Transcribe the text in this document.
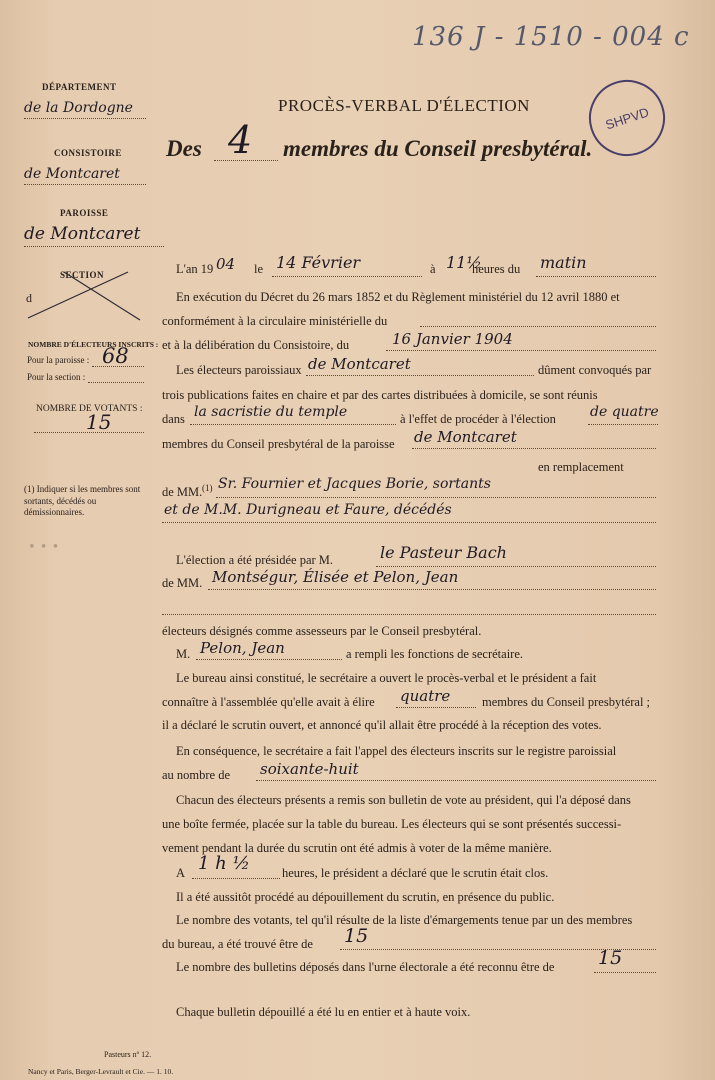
136 J - 1510 - 004 c
SHPVD
PROCÈS-VERBAL D'ÉLECTION
Des 4 membres du Conseil presbytéral.
DÉPARTEMENT
de la Dordogne
CONSISTOIRE
de Montcaret
PAROISSE
de Montcaret
SECTION
d
NOMBRE D'ÉLECTEURS INSCRITS :
Pour la paroisse : 68
Pour la section :
NOMBRE DE VOTANTS :
15
(1) Indiquer si les membres sont sortants, décédés ou démissionnaires.
• • •
L'an 19 04 le 14 Février	à 11½
heures du matin
En exécution du Décret du 26 mars 1852 et du Règlement ministériel du 12 avril 1880 et
conformément à la circulaire ministérielle du
et à la délibération du Consistoire, du	16 Janvier 1904
Les électeurs paroissiaux de Montcaret	dûment convoqués par
trois publications faites en chaire et par des cartes distribuées à domicile, se sont réunis
dans la sacristie du temple	à l'effet de procéder à l'élection de quatre
membres du Conseil presbytéral de la paroisse de Montcaret
en remplacement
de MM. (1) Sr. Fournier et Jacques Borie, sortants
et de M.M. Durigneau et Faure, décédés
L'élection a été présidée par M.	le Pasteur Bach
de MM. Montségur, Élisée et Pelon, Jean
électeurs désignés comme assesseurs par le Conseil presbytéral.
M. Pelon, Jean	a rempli les fonctions de secrétaire.
Le bureau ainsi constitué, le secrétaire a ouvert le procès-verbal et le président a fait
connaître à l'assemblée qu'elle avait à élire quatre	membres du Conseil presbytéral ;
il a déclaré le scrutin ouvert, et annoncé qu'il allait être procédé à la réception des votes.
En conséquence, le secrétaire a fait l'appel des électeurs inscrits sur le registre paroissial
au nombre de soixante-huit
Chacun des électeurs présents a remis son bulletin de vote au président, qui l'a déposé dans
une boîte fermée, placée sur la table du bureau. Les électeurs qui se sont présentés successi-
vement pendant la durée du scrutin ont été admis à voter de la même manière.
A 1 h ½	heures, le président a déclaré que le scrutin était clos.
Il a été aussitôt procédé au dépouillement du scrutin, en présence du public.
Le nombre des votants, tel qu'il résulte de la liste d'émargements tenue par un des membres
du bureau, a été trouvé être de 15
Le nombre des bulletins déposés dans l'urne électorale a été reconnu être de 15
Chaque bulletin dépouillé a été lu en entier et à haute voix.
Pasteurs nº 12.
Nancy et Paris, Berger-Levrault et Cie. — 1. 10.
